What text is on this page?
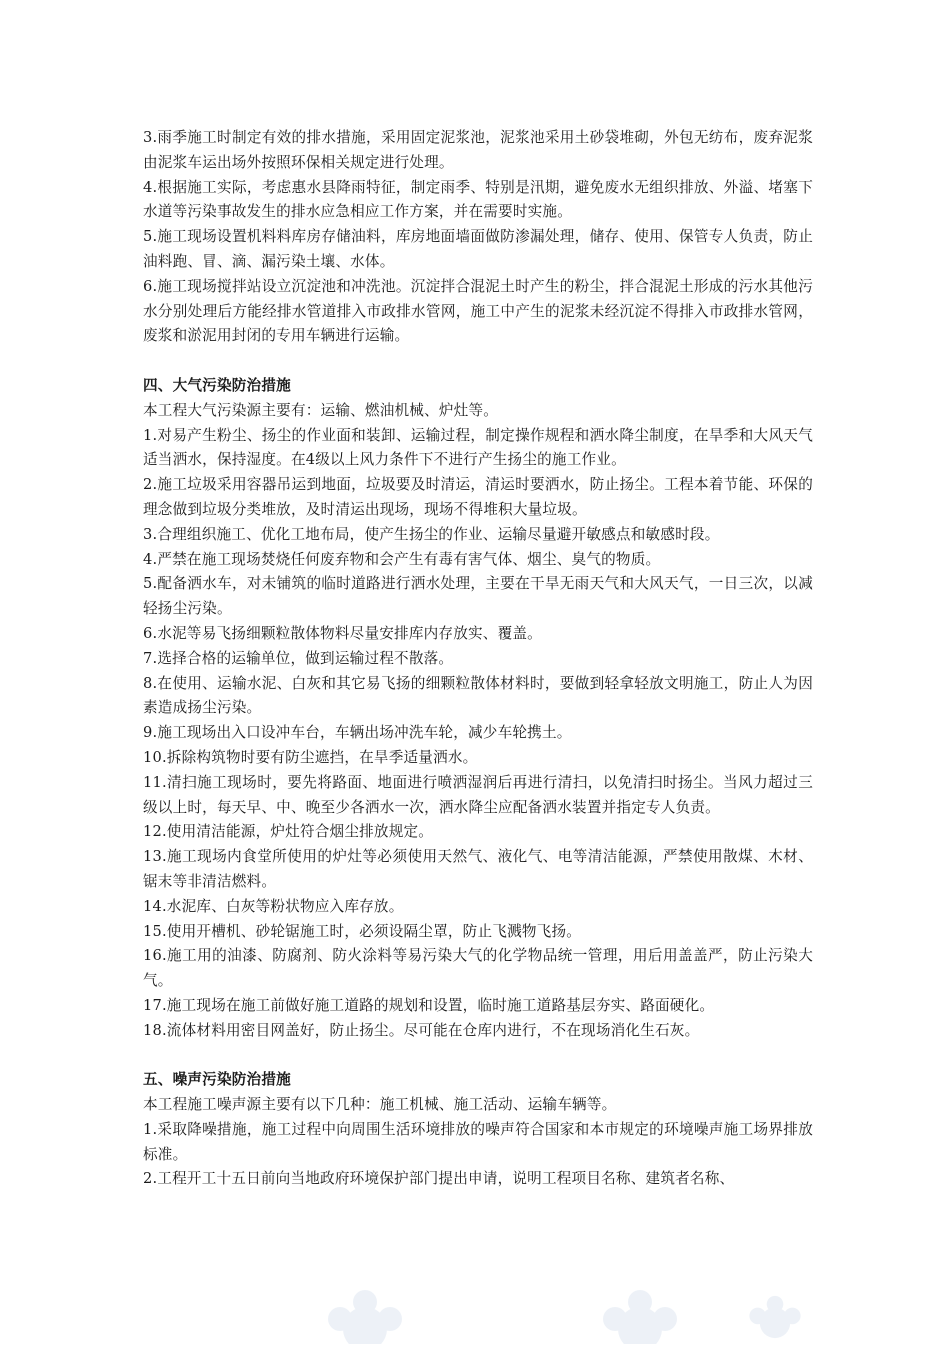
3.雨季施工时制定有效的排水措施，采用固定泥浆池，泥浆池采用土砂袋堆砌，外包无纺布，废弃泥浆由泥浆车运出场外按照环保相关规定进行处理。

4.根据施工实际，考虑惠水县降雨特征，制定雨季、特别是汛期，避免废水无组织排放、外溢、堵塞下水道等污染事故发生的排水应急相应工作方案，并在需要时实施。

5.施工现场设置机料料库房存储油料，库房地面墙面做防渗漏处理，储存、使用、保管专人负责，防止油料跑、冒、滴、漏污染土壤、水体。

6.施工现场搅拌站设立沉淀池和冲洗池。沉淀拌合混泥土时产生的粉尘，拌合混泥土形成的污水其他污水分别处理后方能经排水管道排入市政排水管网，施工中产生的泥浆未经沉淀不得排入市政排水管网，废浆和淤泥用封闭的专用车辆进行运输。

四、大气污染防治措施

本工程大气污染源主要有：运输、燃油机械、炉灶等。

1.对易产生粉尘、扬尘的作业面和装卸、运输过程，制定操作规程和洒水降尘制度，在旱季和大风天气适当洒水，保持湿度。在4级以上风力条件下不进行产生扬尘的施工作业。

2.施工垃圾采用容器吊运到地面，垃圾要及时清运，清运时要洒水，防止扬尘。工程本着节能、环保的理念做到垃圾分类堆放，及时清运出现场，现场不得堆积大量垃圾。

3.合理组织施工、优化工地布局，使产生扬尘的作业、运输尽量避开敏感点和敏感时段。

4.严禁在施工现场焚烧任何废弃物和会产生有毒有害气体、烟尘、臭气的物质。

5.配备洒水车，对未铺筑的临时道路进行洒水处理，主要在干旱无雨天气和大风天气，一日三次，以减轻扬尘污染。

6.水泥等易飞扬细颗粒散体物料尽量安排库内存放实、覆盖。

7.选择合格的运输单位，做到运输过程不散落。

8.在使用、运输水泥、白灰和其它易飞扬的细颗粒散体材料时，要做到轻拿轻放文明施工，防止人为因素造成扬尘污染。

9.施工现场出入口设冲车台，车辆出场冲洗车轮，减少车轮携土。

10.拆除构筑物时要有防尘遮挡，在旱季适量洒水。

11.清扫施工现场时，要先将路面、地面进行喷洒湿润后再进行清扫，以免清扫时扬尘。当风力超过三级以上时，每天早、中、晚至少各洒水一次，洒水降尘应配备洒水装置并指定专人负责。

12.使用清洁能源，炉灶符合烟尘排放规定。

13.施工现场内食堂所使用的炉灶等必须使用天然气、液化气、电等清洁能源，严禁使用散煤、木材、锯末等非清洁燃料。

14.水泥库、白灰等粉状物应入库存放。

15.使用开槽机、砂轮锯施工时，必须设隔尘罩，防止飞溅物飞扬。

16.施工用的油漆、防腐剂、防火涂料等易污染大气的化学物品统一管理，用后用盖盖严，防止污染大气。

17.施工现场在施工前做好施工道路的规划和设置，临时施工道路基层夯实、路面硬化。

18.流体材料用密目网盖好，防止扬尘。尽可能在仓库内进行，不在现场消化生石灰。

五、噪声污染防治措施

本工程施工噪声源主要有以下几种：施工机械、施工活动、运输车辆等。

1.采取降噪措施，施工过程中向周围生活环境排放的噪声符合国家和本市规定的环境噪声施工场界排放标准。

2.工程开工十五日前向当地政府环境保护部门提出申请，说明工程项目名称、建筑者名称、
